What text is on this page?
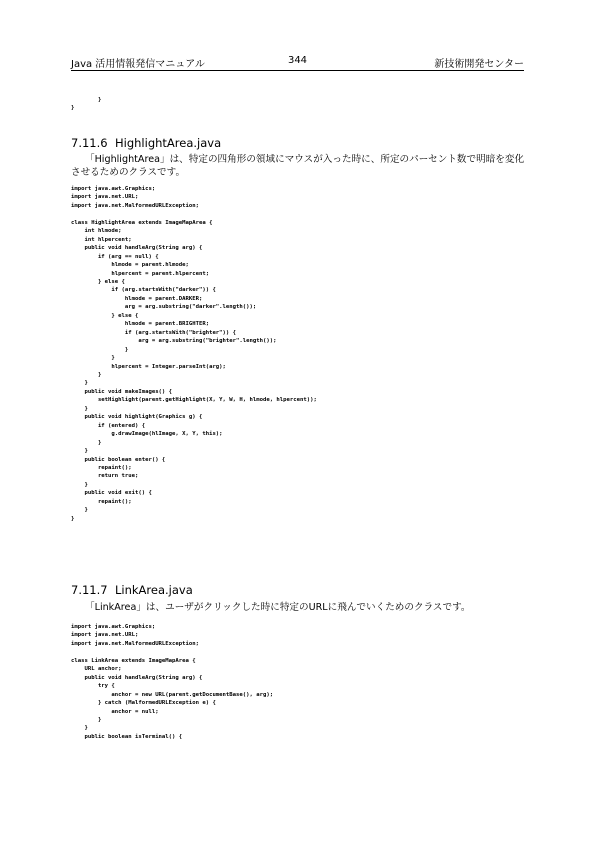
Java 活用情報発信マニュアル	344	新技術開発センター
}
}
7.11.6 HighlightArea.java

「HighlightArea」は、特定の四角形の領域にマウスが入った時に、所定のパーセント数で明暗を変化させるためのクラスです。

import java.awt.Graphics;
import java.net.URL;
import java.net.MalformedURLException;

class HighlightArea extends ImageMapArea {
int hlmode;
int hlpercent;
public void handleArg(String arg) {
if (arg == null) {
hlmode = parent.hlmode;
hlpercent = parent.hlpercent;
} else {
if (arg.startsWith("darker")) {
hlmode = parent.DARKER;
arg = arg.substring("darker".length());
} else {
hlmode = parent.BRIGHTER;
if (arg.startsWith("brighter")) {
arg = arg.substring("brighter".length());
}
}
hlpercent = Integer.parseInt(arg);
}
}
public void makeImages() {
setHighlight(parent.getHighlight(X, Y, W, H, hlmode, hlpercent));
}
public void highlight(Graphics g) {
if (entered) {
g.drawImage(hlImage, X, Y, this);
}
}
public boolean enter() {
repaint();
return true;
}
public void exit() {
repaint();
}
}
7.11.7 LinkArea.java

「LinkArea」は、ユーザがクリックした時に特定のURLに飛んでいくためのクラスです。

import java.awt.Graphics;
import java.net.URL;
import java.net.MalformedURLException;

class LinkArea extends ImageMapArea {
URL anchor;
public void handleArg(String arg) {
try {
anchor = new URL(parent.getDocumentBase(), arg);
} catch (MalformedURLException e) {
anchor = null;
}
}
public boolean isTerminal() {
